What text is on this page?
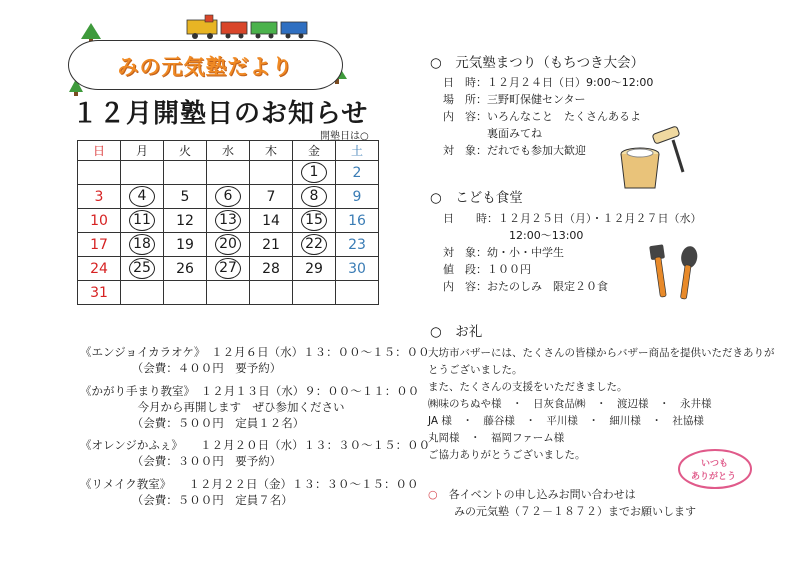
みの元気塾だより
１２月開塾日のお知らせ
開塾日は○
日	月	火	水	木	金	土
					1	2
3	4	5	6	7	8	9
10	11	12	13	14	15	16
17	18	19	20	21	22	23
24	25	26	27	28	29	30
31						
《エンジョイカラオケ》　１２月６日（水）１３：００～１５：００
　　　　　（会費：４００円　要予約）
《かがり手まり教室》　１２月１３日（水）９：００～１１：００
　　　　　今月から再開します　ぜひ参加ください
　　　　　（会費：５００円　定員１２名）
《オレンジかふぇ》　　１２月２０日（水）１３：３０～１５：００
　　　　　（会費：３００円　要予約）
《リメイク教室》　　１２月２２日（金）１３：３０～１５：００
　　　　　（会費：５００円　定員７名）
○　元気塾まつり（もちつき大会）
日　時：１２月２４日（日）9:00～12:00
場　所：三野町保健センター
内　容：いろんなこと　たくさんあるよ
　　　　裏面みてね
対　象：だれでも参加大歓迎
○　こども食堂
日　　時：１２月２５日（月）・１２月２７日（水）
　　　　　　12:00～13:00
対　象：幼・小・中学生
値　段：１００円
内　容：おたのしみ　限定２０食
○　お礼
大坊市バザーには、たくさんの皆様からバザー商品を提供いただきありがとうございました。
また、たくさんの支援をいただきました。
㈱味のちぬや様　・　日灰食品㈱　・　渡辺様　・　永井様
JA 様　・　藤谷様　・　平川様　・　細川様　・　社協様
丸岡様　・　福岡ファーム様
ご協力ありがとうございました。
いつも
ありがとう
○　 各イベントの申し込みお問い合わせは
みの元気塾（７２－１８７２）までお願いします
